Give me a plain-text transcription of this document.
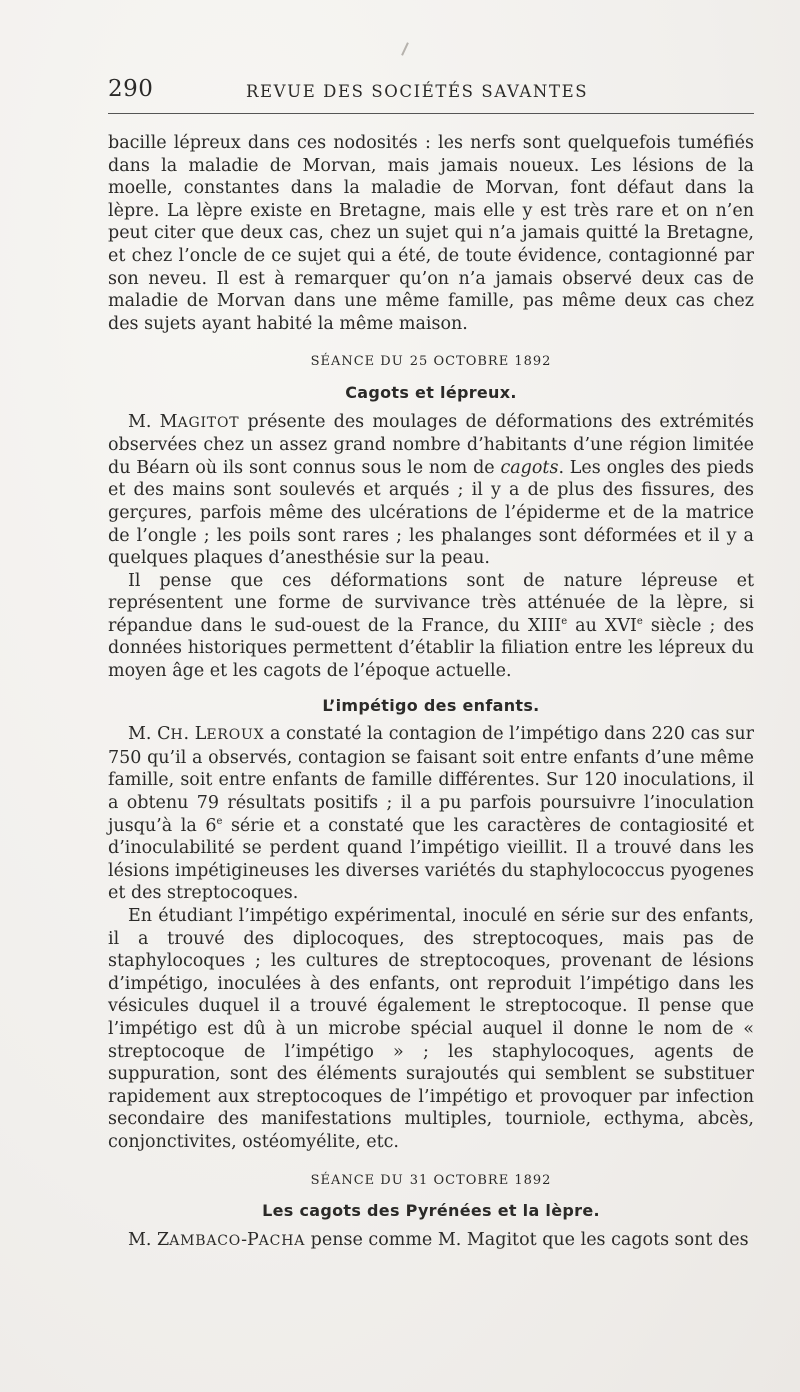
290	REVUE DES SOCIÉTÉS SAVANTES

bacille lépreux dans ces nodosités : les nerfs sont quelquefois tuméfiés dans la maladie de Morvan, mais jamais noueux. Les lésions de la moelle, constantes dans la maladie de Morvan, font défaut dans la lèpre. La lèpre existe en Bretagne, mais elle y est très rare et on n’en peut citer que deux cas, chez un sujet qui n’a jamais quitté la Bretagne, et chez l’oncle de ce sujet qui a été, de toute évidence, contagionné par son neveu. Il est à remarquer qu’on n’a jamais observé deux cas de maladie de Morvan dans une même famille, pas même deux cas chez des sujets ayant habité la même maison.

SÉANCE DU 25 OCTOBRE 1892
Cagots et lépreux.

M. MAGITOT présente des moulages de déformations des extrémités observées chez un assez grand nombre d’habitants d’une région limitée du Béarn où ils sont connus sous le nom de cagots. Les ongles des pieds et des mains sont soulevés et arqués ; il y a de plus des fissures, des gerçures, parfois même des ulcérations de l’épiderme et de la matrice de l’ongle ; les poils sont rares ; les phalanges sont déformées et il y a quelques plaques d’anesthésie sur la peau.

Il pense que ces déformations sont de nature lépreuse et représentent une forme de survivance très atténuée de la lèpre, si répandue dans le sud-ouest de la France, du XIIIe au XVIe siècle ; des données historiques permettent d’établir la filiation entre les lépreux du moyen âge et les cagots de l’époque actuelle.

L’impétigo des enfants.

M. CH. LEROUX a constaté la contagion de l’impétigo dans 220 cas sur 750 qu’il a observés, contagion se faisant soit entre enfants d’une même famille, soit entre enfants de famille différentes. Sur 120 inoculations, il a obtenu 79 résultats positifs ; il a pu parfois poursuivre l’inoculation jusqu’à la 6e série et a constaté que les caractères de contagiosité et d’inoculabilité se perdent quand l’impétigo vieillit. Il a trouvé dans les lésions impétigineuses les diverses variétés du staphylococcus pyogenes et des streptocoques.

En étudiant l’impétigo expérimental, inoculé en série sur des enfants, il a trouvé des diplocoques, des streptocoques, mais pas de staphylocoques ; les cultures de streptocoques, provenant de lésions d’impétigo, inoculées à des enfants, ont reproduit l’impétigo dans les vésicules duquel il a trouvé également le streptocoque. Il pense que l’impétigo est dû à un microbe spécial auquel il donne le nom de « streptocoque de l’impétigo » ; les staphylocoques, agents de suppuration, sont des éléments surajoutés qui semblent se substituer rapidement aux streptocoques de l’impétigo et provoquer par infection secondaire des manifestations multiples, tourniole, ecthyma, abcès, conjonctivites, ostéomyélite, etc.

SÉANCE DU 31 OCTOBRE 1892
Les cagots des Pyrénées et la lèpre.

M. ZAMBACO-PACHA pense comme M. Magitot que les cagots sont des
